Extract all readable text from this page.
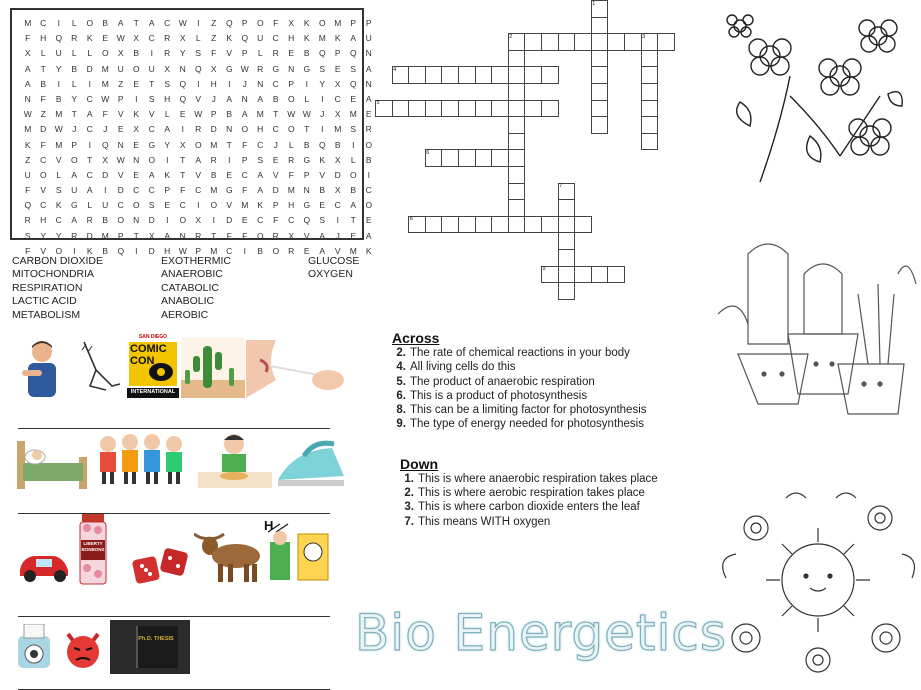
M	C	I	L	O	B	A	T	A	C W	I	Z	Q	P	O	F	X	K	O	M	P	P
F	H	Q	R	K	E	W	X	C	R	X	L	Z	K	Q	U	C	H	K	M	K	A	U
X	L	U	L	L	O	X	B	I	R	Y	S	F	V	P	L	R	E	B	Q	P	Q	N
A	T	Y	B	D	M	U	O	U	X	N	Q	X	G W R	G	N	G	S	E	S	A
A	B	I	L	I	M	Z	E	T	S	Q	I	H	I	J	N	C	P	I	Y	X	Q	N
N	F	B	Y	C W	P	I	S	H	Q	V	J	A	N	A	B	O	L	I	C	E	A
W	Z	M	T	A	F	V	K	V	L	E	W	P	B	A	M	T	W W	J	X	M	E
M	D W	J	C	J	E	X	C	A	I	R	D	N	O	H	C	O	T	I	M	S	R
K	F	M	P	I	Q	N	E	G	Y	X	O	M	T	F	C	J	L	B	Q	B	I	O
Z	C	V	O	T	X	W N	O	I	T	A	R	I	P	S	E	R	G	K	X	L	B
U	O	L	A	C	D	V	E	A	K	T	V	B	E	C	A	V	F	P	V	D	O	I
F	V	S	U	A	I	D	C	C	P	F	C	M	G	F	A	D	M	N	B	X	B	C
Q	C	K	G	L	U	C	O	S	E	C	I	O	V	M	K	P	H	G	E	C	A	O
R	H	C	A	R	B	O	N	D	I	O	X	I	D	E	C	F	C	Q	S	I	T	E
S	Y	Y	R	D	M	P	T	X	A	N	R	T	F	F	O	R	X	V	A	J	E	A
F	V	O	I	K	B	Q	I	D	H W	P	M	C	I	B	O	R	E	A	V	M	K
CARBON DIOXIDE
MITOCHONDRIA
RESPIRATION
LACTIC ACID
METABOLISM
EXOTHERMIC
ANAEROBIC
CATABOLIC
ANABOLIC
AEROBIC
GLUCOSE
OXYGEN
SAN DIEGO
COMIC
CON
INTERNATIONAL
LIBERTY BONBONS
H
Ph.D. THESIS
1
2	3
4
5
6
7
8
9
Across
2. The rate of chemical reactions in your body
4. All living cells do this
5. The product of anaerobic respiration
6. This is a product of photosynthesis
8. This can be a limiting factor for photosynthesis
9. The type of energy needed for photosynthesis
Down
1. This is where anaerobic respiration takes place
2. This is where aerobic respiration takes place
3. This is where carbon dioxide enters the leaf
7. This means WITH oxygen
Bio Energetics
